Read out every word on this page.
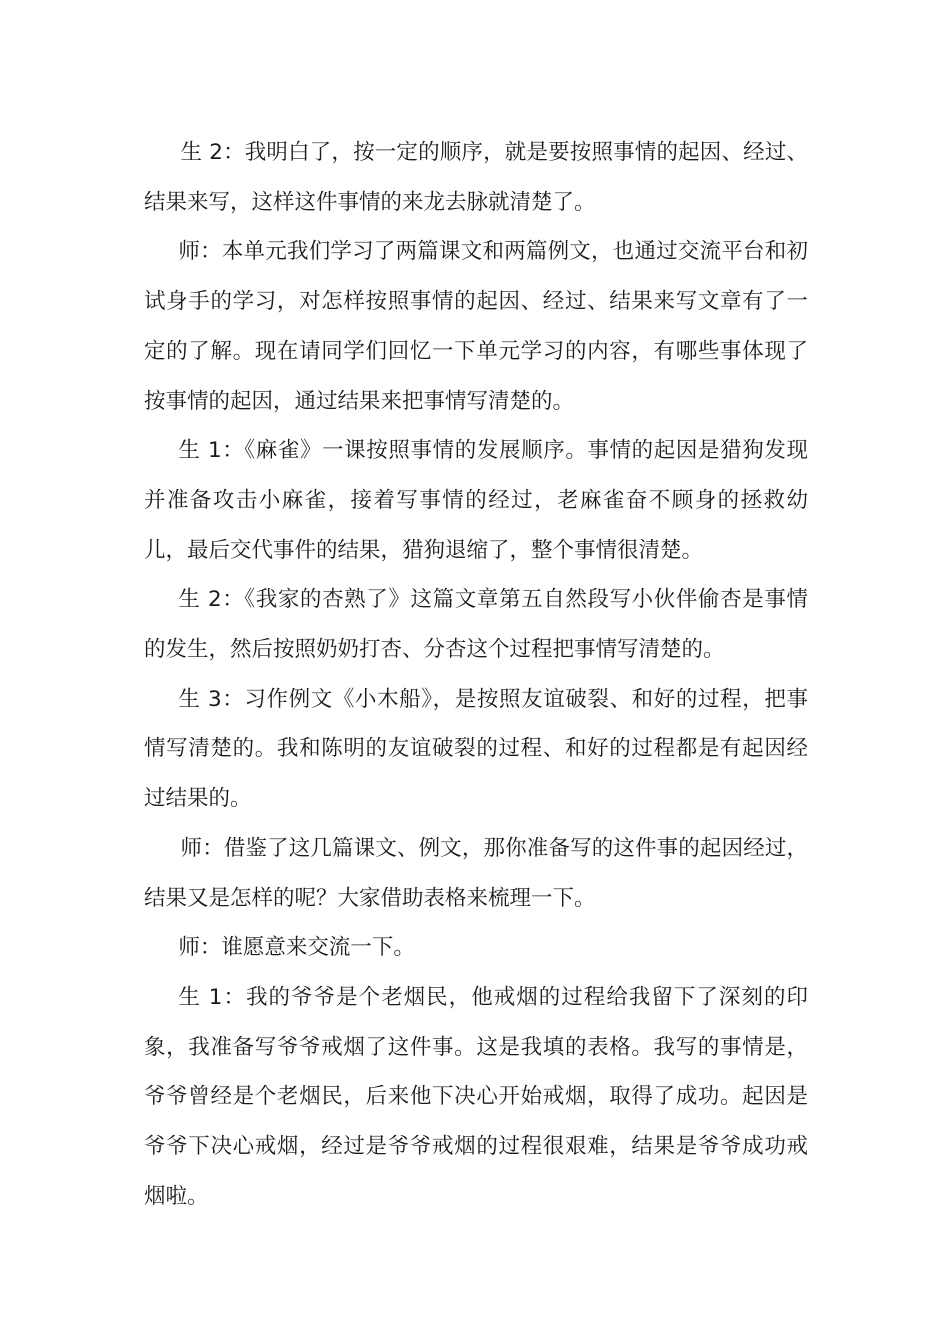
生 2：我明白了，按一定的顺序，就是要按照事情的起因、经过、结果来写，这样这件事情的来龙去脉就清楚了。

师：本单元我们学习了两篇课文和两篇例文，也通过交流平台和初试身手的学习，对怎样按照事情的起因、经过、结果来写文章有了一定的了解。现在请同学们回忆一下单元学习的内容，有哪些事体现了按事情的起因，通过结果来把事情写清楚的。

生 1：《麻雀》一课按照事情的发展顺序。事情的起因是猎狗发现并准备攻击小麻雀，接着写事情的经过，老麻雀奋不顾身的拯救幼儿，最后交代事件的结果，猎狗退缩了，整个事情很清楚。

生 2：《我家的杏熟了》这篇文章第五自然段写小伙伴偷杏是事情的发生，然后按照奶奶打杏、分杏这个过程把事情写清楚的。

生 3：习作例文《小木船》，是按照友谊破裂、和好的过程，把事情写清楚的。我和陈明的友谊破裂的过程、和好的过程都是有起因经过结果的。

师：借鉴了这几篇课文、例文，那你准备写的这件事的起因经过，结果又是怎样的呢？大家借助表格来梳理一下。

师：谁愿意来交流一下。

生 1：我的爷爷是个老烟民，他戒烟的过程给我留下了深刻的印象，我准备写爷爷戒烟了这件事。这是我填的表格。我写的事情是，爷爷曾经是个老烟民，后来他下决心开始戒烟，取得了成功。起因是爷爷下决心戒烟，经过是爷爷戒烟的过程很艰难，结果是爷爷成功戒烟啦。
